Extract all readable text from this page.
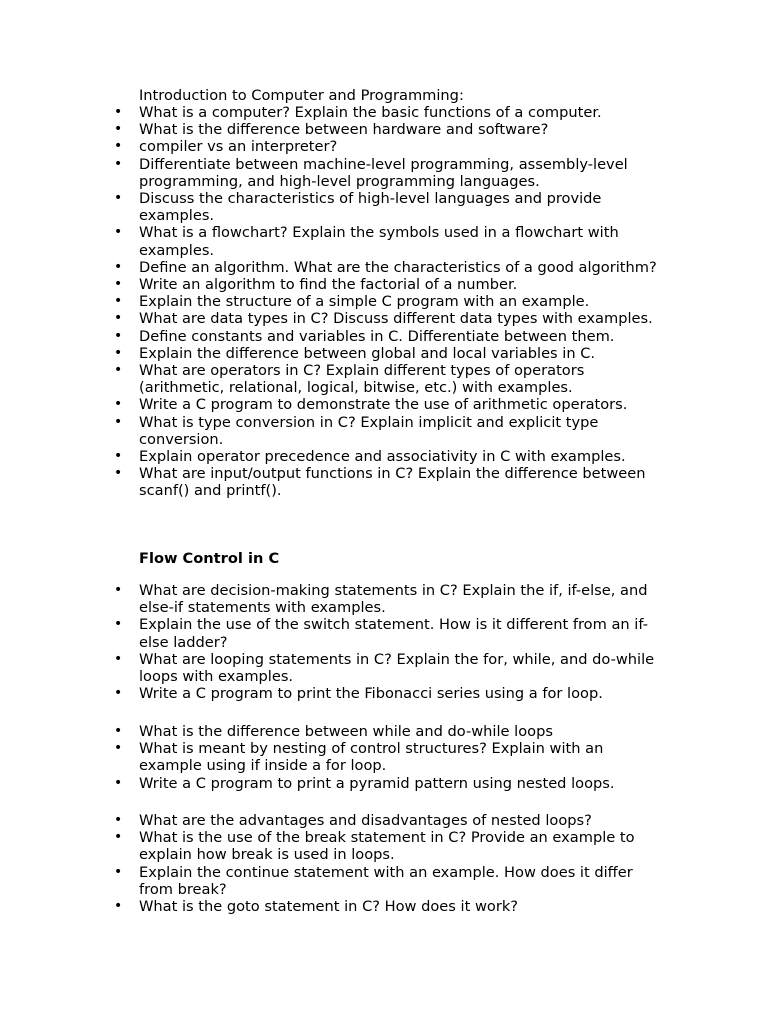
Introduction to Computer and Programming:

• What is a computer? Explain the basic functions of a computer.
• What is the difference between hardware and software?
• compiler vs an interpreter?
• Differentiate between machine-level programming, assembly-level programming, and high-level programming languages.
• Discuss the characteristics of high-level languages and provide examples.
• What is a flowchart? Explain the symbols used in a flowchart with examples.
• Define an algorithm. What are the characteristics of a good algorithm?
• Write an algorithm to find the factorial of a number.
• Explain the structure of a simple C program with an example.
• What are data types in C? Discuss different data types with examples.
• Define constants and variables in C. Differentiate between them.
• Explain the difference between global and local variables in C.
• What are operators in C? Explain different types of operators (arithmetic, relational, logical, bitwise, etc.) with examples.
• Write a C program to demonstrate the use of arithmetic operators.
• What is type conversion in C? Explain implicit and explicit type conversion.
• Explain operator precedence and associativity in C with examples.
• What are input/output functions in C? Explain the difference between scanf() and printf().

Flow Control in C

• What are decision-making statements in C? Explain the if, if-else, and else-if statements with examples.
• Explain the use of the switch statement. How is it different from an if-else ladder?
• What are looping statements in C? Explain the for, while, and do-while loops with examples.
• Write a C program to print the Fibonacci series using a for loop.
• What is the difference between while and do-while loops
• What is meant by nesting of control structures? Explain with an example using if inside a for loop.
• Write a C program to print a pyramid pattern using nested loops.
• What are the advantages and disadvantages of nested loops?
• What is the use of the break statement in C? Provide an example to explain how break is used in loops.
• Explain the continue statement with an example. How does it differ from break?
• What is the goto statement in C? How does it work?
